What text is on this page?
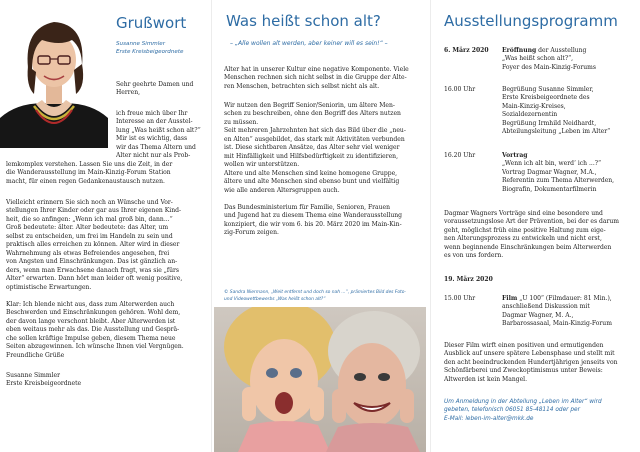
Grußwort
Susanne Simmler
Erste Kreisbeigeordnete

Sehr geehrte Damen und
Herren,

ich freue mich über Ihr
Interesse an der Ausstel-
lung „Was heißt schon alt?“
Mir ist es wichtig, dass
wir das Thema Altern und
Alter nicht nur als Prob-

lemkomplex verstehen. Lassen Sie uns die Zeit, in der
die Wanderausstellung im Main-Kinzig-Forum Station
macht, für einen regen Gedankenaustausch nutzen.

Vielleicht erinnern Sie sich noch an Wünsche und Vor-
stellungen Ihrer Kinder oder gar aus Ihrer eigenen Kind-
heit, die so anfingen: „Wenn ich mal groß bin, dann...“
Groß bedeutete: älter. Älter bedeutete: das Alter, um
selbst zu entscheiden, um frei im Handeln zu sein und
praktisch alles erreichen zu können. Älter wird in dieser
Wahrnehmung als etwas Befreiendes angesehen, frei
von Ängsten und Einschränkungen. Das ist gänzlich an-
ders, wenn man Erwachsene danach fragt, was sie „fürs
Alter“ erwarten. Dann hört man leider oft wenig positive,
optimistische Erwartungen.

Klar: Ich blende nicht aus, dass zum Älterwerden auch
Beschwerden und Einschränkungen gehören. Wohl dem,
der davon lange verschont bleibt. Aber Älterwerden ist
eben weitaus mehr als das. Die Ausstellung und Gesprä-
che sollen kräftige Impulse geben, diesem Thema neue
Seiten abzugewinnen. Ich wünsche Ihnen viel Vergnügen.

Freundliche Grüße

Susanne Simmler
Erste Kreisbeigeordnete

Was heißt schon alt?
– „Alle wollen alt werden, aber keiner will es sein!“ –

Alter hat in unserer Kultur eine negative Komponente. Viele
Menschen rechnen sich nicht selbst in die Gruppe der Älte-
ren Menschen, betrachten sich selbst nicht als alt.

Wir nutzen den Begriff Senior/Seniorin, um ältere Men-
schen zu beschreiben, ohne den Begriff des Alters nutzen
zu müssen.
Seit mehreren Jahrzehnten hat sich das Bild über die „neu-
en Alten“ ausgebildet, das stark mit Aktivitäten verbunden
ist. Diese sichtbaren Ansätze, das Alter sehr viel weniger
mit Hinfälligkeit und Hilfsbedürftigkeit zu identifizieren,
wollen wir unterstützen.
Ältere und alte Menschen sind keine homogene Gruppe,
ältere und alte Menschen sind ebenso bunt und vielfältig
wie alle anderen Altersgruppen auch.

Das Bundesministerium für Familie, Senioren, Frauen
und Jugend hat zu diesem Thema eine Wanderausstellung
konzipiert, die wir vom 6. bis 20. März 2020 im Main-Kin-
zig-Forum zeigen.

© Sandra Niermann, „Weit entfernt und doch so nah ...“, prämiertes Bild des Foto-
und Videowettbewerbs „Was heißt schon alt?“
Ausstellungsprogramm
6. März 2020 Eröffnung der Ausstellung
„Was heißt schon alt?“,
Foyer des Main-Kinzig-Forums
16.00 Uhr	Begrüßung Susanne Simmler,
Erste Kreisbeigeordnete des
Main-Kinzig-Kreises,
Sozialdezernentin
Begrüßung Irmhild Neidhardt,
Abteilungsleitung „Leben im Alter“
16.20 Uhr	Vortrag
„Wenn ich alt bin, werd‘ ich ...?“
Vortrag Dagmar Wagner, M.A.,
Referentin zum Thema Älterwerden,
Biografin, Dokumentarfilmerin

Dagmar Wagners Vorträge sind eine besondere und
voraussetzungslose Art der Prävention, bei der es darum
geht, möglichst früh eine positive Haltung zum eige-
nen Alterungsprozess zu entwickeln und nicht erst,
wenn beginnende Einschränkungen beim Älterwerden
es von uns fordern.

19. März 2020
15.00 Uhr	Film „Ü 100“ (Filmdauer: 81 Min.),
anschließend Diskussion mit
Dagmar Wagner, M. A.,
Barbarossasaal, Main-Kinzig-Forum

Dieser Film wirft einen positiven und ermutigenden
Ausblick auf unsere spätere Lebensphase und stellt mit
den acht beeindruckenden Hundertjährigen jenseits von
Schönfärberei und Zweckoptimismus unter Beweis:
Altwerden ist kein Mangel.

Um Anmeldung in der Abteilung „Leben im Alter“ wird
gebeten, telefonisch 06051 85-48114 oder per
E-Mail: leben-im-alter@mkk.de
